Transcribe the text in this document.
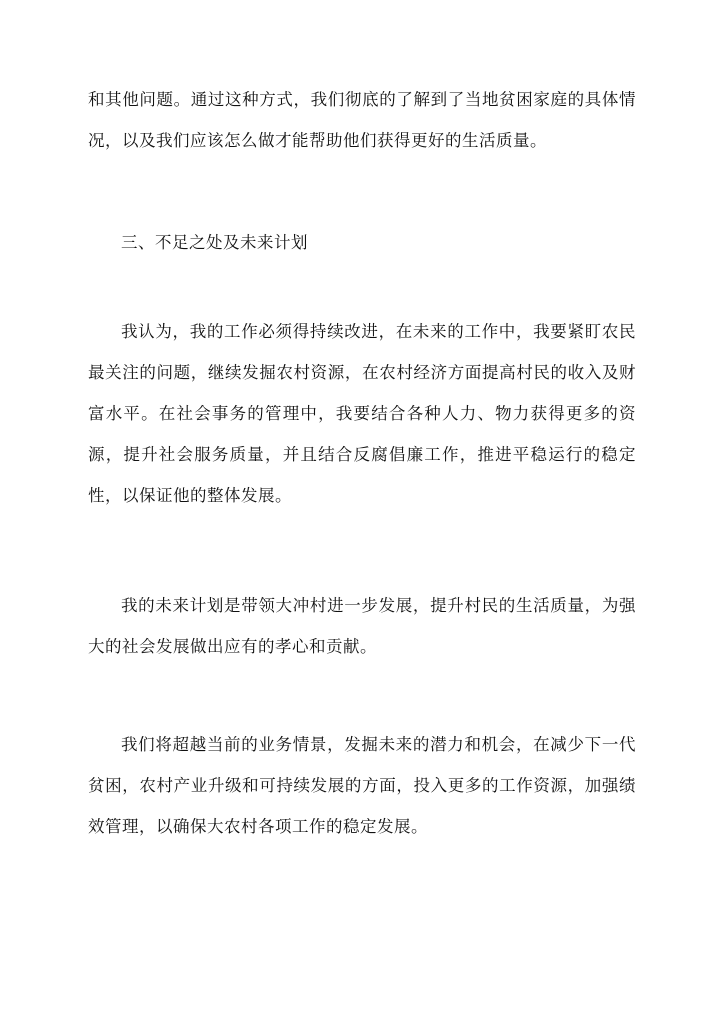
和其他问题。通过这种方式，我们彻底的了解到了当地贫困家庭的具体情况，以及我们应该怎么做才能帮助他们获得更好的生活质量。

三、不足之处及未来计划

我认为，我的工作必须得持续改进，在未来的工作中，我要紧盯农民最关注的问题，继续发掘农村资源，在农村经济方面提高村民的收入及财富水平。在社会事务的管理中，我要结合各种人力、物力获得更多的资源，提升社会服务质量，并且结合反腐倡廉工作，推进平稳运行的稳定性，以保证他的整体发展。

我的未来计划是带领大冲村进一步发展，提升村民的生活质量，为强大的社会发展做出应有的孝心和贡献。

我们将超越当前的业务情景，发掘未来的潜力和机会，在减少下一代贫困，农村产业升级和可持续发展的方面，投入更多的工作资源，加强绩效管理，以确保大农村各项工作的稳定发展。
